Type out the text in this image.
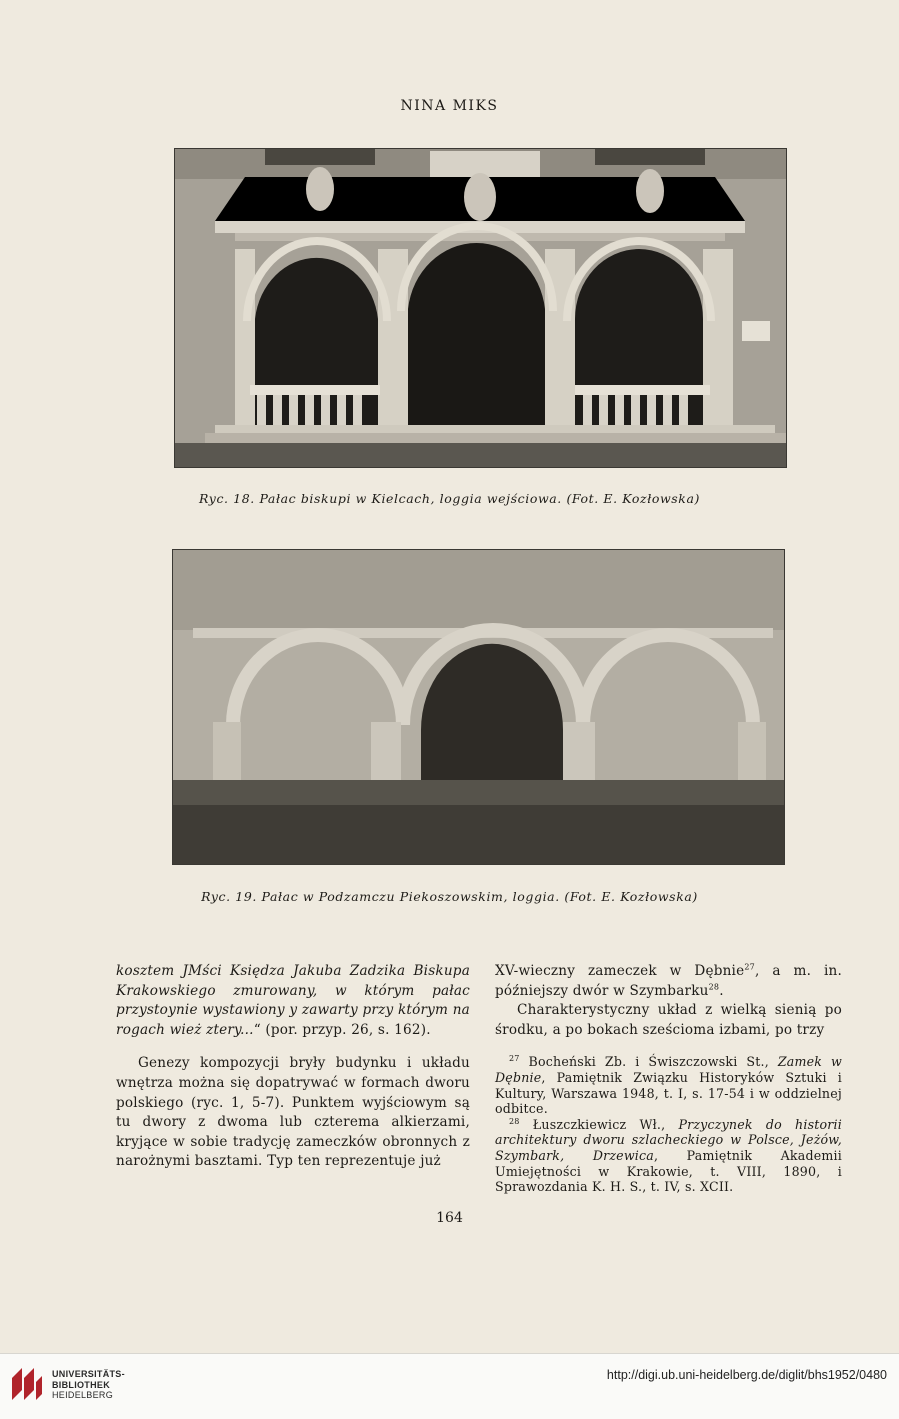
NINA MIKS
Ryc. 18. Pałac biskupi w Kielcach, loggia wejściowa. (Fot. E. Kozłowska)
Ryc. 19. Pałac w Podzamczu Piekoszowskim, loggia. (Fot. E. Kozłowska)

kosztem JMści Księdza Jakuba Zadzika Biskupa Krakowskiego zmurowany, w którym pałac przystoynie wystawiony y zawarty przy którym na rogach wież ztery...“ (por. przyp. 26, s. 162).

Genezy kompozycji bryły budynku i układu wnętrza można się dopatrywać w formach dworu polskiego (ryc. 1, 5-7). Punktem wyjściowym są tu dwory z dwoma lub czterema alkierzami, kryjące w sobie tradycję zameczków obronnych z narożnymi basztami. Typ ten reprezentuje już

XV-wieczny zameczek w Dębnie$^{27}$, a m. in. późniejszy dwór w Szymbarku$^{28}$.

Charakterystyczny układ z wielką sienią po środku, a po bokach sześcioma izbami, po trzy

$^{27}$ Bocheński Zb. i Świszczowski St., Zamek w Dębnie, Pamiętnik Związku Historyków Sztuki i Kultury, Warszawa 1948, t. I, s. 17-54 i w oddzielnej odbitce.

$^{28}$ Łuszczkiewicz Wł., Przyczynek do historii architektury dworu szlacheckiego w Polsce, Jeżów, Szymbark, Drzewica, Pamiętnik Akademii Umiejętności w Krakowie, t. VIII, 1890, i Sprawozdania K. H. S., t. IV, s. XCII.

164
UNIVERSITÄTS-
BIBLIOTHEK
HEIDELBERG
http://digi.ub.uni-heidelberg.de/diglit/bhs1952/0480
